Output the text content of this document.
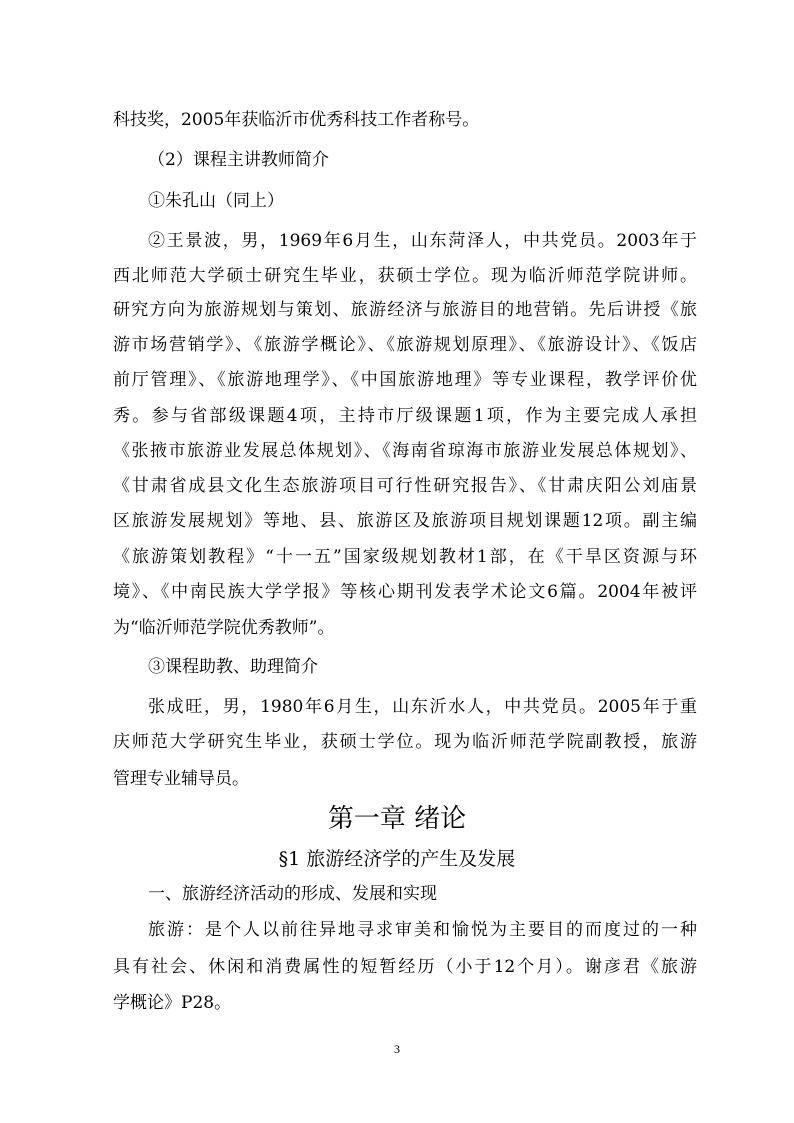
科技奖，2005年获临沂市优秀科技工作者称号。
（2）课程主讲教师简介
①朱孔山（同上）
②王景波，男，1969年6月生，山东菏泽人，中共党员。2003年于
西北师范大学硕士研究生毕业，获硕士学位。现为临沂师范学院讲师。
研究方向为旅游规划与策划、旅游经济与旅游目的地营销。先后讲授《旅
游市场营销学》、《旅游学概论》、《旅游规划原理》、《旅游设计》、《饭店
前厅管理》、《旅游地理学》、《中国旅游地理》等专业课程，教学评价优
秀。参与省部级课题4项，主持市厅级课题1项，作为主要完成人承担
《张掖市旅游业发展总体规划》、《海南省琼海市旅游业发展总体规划》、
《甘肃省成县文化生态旅游项目可行性研究报告》、《甘肃庆阳公刘庙景
区旅游发展规划》等地、县、旅游区及旅游项目规划课题12项。副主编
《旅游策划教程》“十一五”国家级规划教材1部，在《干旱区资源与环
境》、《中南民族大学学报》等核心期刊发表学术论文6篇。2004年被评
为“临沂师范学院优秀教师”。
③课程助教、助理简介
张成旺，男，1980年6月生，山东沂水人，中共党员。2005年于重
庆师范大学研究生毕业，获硕士学位。现为临沂师范学院副教授，旅游
管理专业辅导员。
第一章 绪论
§1 旅游经济学的产生及发展
一、旅游经济活动的形成、发展和实现
旅游：是个人以前往异地寻求审美和愉悦为主要目的而度过的一种
具有社会、休闲和消费属性的短暂经历（小于12个月）。谢彦君《旅游
学概论》P28。
3
